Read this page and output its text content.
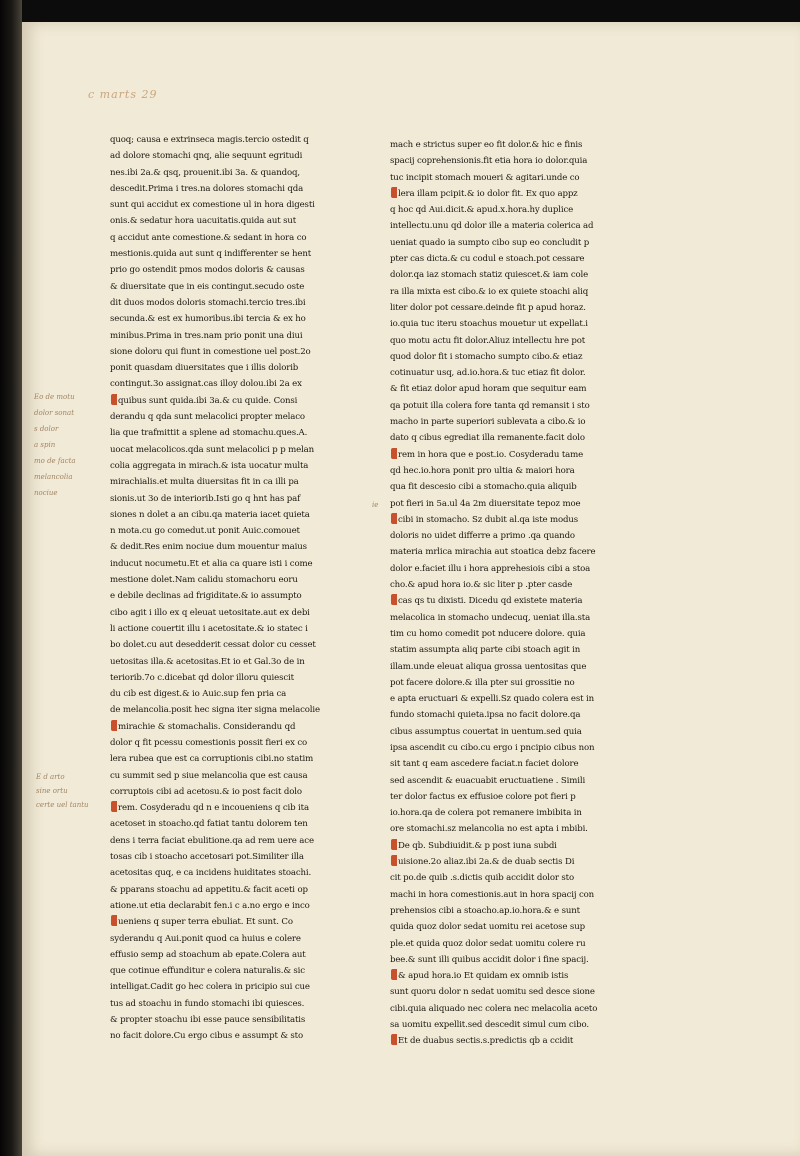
c marts 29
quoq; causa e extrinseca magis.tercio ostedit q
ad dolore stomachi qnq, alie sequunt egritudi
nes.ibi 2a.& qsq, prouenit.ibi 3a. & quandoq,
descedit.Prima i tres.na dolores stomachi qda
sunt qui accidut ex comestione ul in hora digesti
onis.& sedatur hora uacuitatis.quida aut sut
q accidut ante comestione.& sedant in hora co
mestionis.quida aut sunt q indifferenter se hent
prio go ostendit pmos modos doloris & causas
& diuersitate que in eis contingut.secudo oste
dit duos modos doloris stomachi.tercio tres.ibi
secunda.& est ex humoribus.ibi tercia & ex ho
minibus.Prima in tres.nam prio ponit una diui
sione doloru qui fiunt in comestione uel post.2o
ponit quasdam diuersitates que i illis dolorib
contingut.3o assignat.cas illoy dolou.ibi 2a ex
quibus sunt quida.ibi 3a.& cu quide. Consi
derandu q qda sunt melacolici propter melaco
lia que trafmittit a splene ad stomachu.ques.A.
uocat melacolicos.qda sunt melacolici p p melan
colia aggregata in mirach.& ista uocatur multa
mirachialis.et multa diuersitas fit in ca illi pa
sionis.ut 3o de interiorib.Isti go q hnt has paf
siones n dolet a an cibu.qa materia iacet quieta
n mota.cu go comedut.ut ponit Auic.comouet
& dedit.Res enim nociue dum mouentur maius
inducut nocumetu.Et et alia ca quare isti i come
mestione dolet.Nam calidu stomachoru eoru
e debile declinas ad frigiditate.& io assumpto
cibo agit i illo ex q eleuat uetositate.aut ex debi
li actione couertit illu i acetositate.& io statec i
bo dolet.cu aut desedderit cessat dolor cu cesset
uetositas illa.& acetositas.Et io et Gal.3o de in
teriorib.7o c.dicebat qd dolor illoru quiescit
du cib est digest.& io Auic.sup fen pria ca
de melancolia.posit hec signa iter signa melacolie
mirachie & stomachalis. Considerandu qd
dolor q fit pcessu comestionis possit fieri ex co
lera rubea que est ca corruptionis cibi.no statim
cu summit sed p siue melancolia que est causa
corruptois cibi ad acetosu.& io post facit dolo
rem. Cosyderadu qd n e incoueniens q cib ita
acetoset in stoacho.qd fatiat tantu dolorem ten
dens i terra faciat ebulitione.qa ad rem uere ace
tosas cib i stoacho accetosari pot.Similiter illa
acetositas quq, e ca incidens huiditates stoachi.
& pparans stoachu ad appetitu.& facit aceti op
atione.ut etia declarabit fen.i c a.no ergo e inco
ueniens q super terra ebuliat. Et sunt. Co
syderandu q Aui.ponit quod ca huius e colere
effusio semp ad stoachum ab epate.Colera aut
que cotinue effunditur e colera naturalis.& sic
intelligat.Cadit go hec colera in pricipio sui cue
tus ad stoachu in fundo stomachi ibi quiesces.
& propter stoachu ibi esse pauce sensibilitatis
no facit dolore.Cu ergo cibus e assumpt & sto
mach e strictus super eo fit dolor.& hic e finis
spacij coprehensionis.fit etia hora io dolor.quia
tuc incipit stomach moueri & agitari.unde co
lera illam pcipit.& io dolor fit. Ex quo appz
q hoc qd Aui.dicit.& apud.x.hora.hy duplice
intellectu.unu qd dolor ille a materia colerica ad
ueniat quado ia sumpto cibo sup eo concludit p
pter cas dicta.& cu codul e stoach.pot cessare
dolor.qa iaz stomach statiz quiescet.& iam cole
ra illa mixta est cibo.& io ex quiete stoachi aliq
liter dolor pot cessare.deinde fit p apud horaz.
io.quia tuc iteru stoachus mouetur ut expellat.i
quo motu actu fit dolor.Aliuz intellectu hre pot
quod dolor fit i stomacho sumpto cibo.& etiaz
cotinuatur usq, ad.io.hora.& tuc etiaz fit dolor.
& fit etiaz dolor apud horam que sequitur eam
qa potuit illa colera fore tanta qd remansit i sto
macho in parte superiori sublevata a cibo.& io
dato q cibus egrediat illa remanente.facit dolo
rem in hora que e post.io. Cosyderadu tame
qd hec.io.hora ponit pro ultia & maiori hora
qua fit descesio cibi a stomacho.quia aliquib
pot fieri in 5a.ul 4a 2m diuersitate tepoz moe
cibi in stomacho. Sz dubit al.qa iste modus
doloris no uidet differre a primo .qa quando
materia mrlica mirachia aut stoatica debz facere
dolor e.faciet illu i hora apprehesiois cibi a stoa
cho.& apud hora io.& sic liter p .pter casde
cas qs tu dixisti. Dicedu qd existete materia
melacolica in stomacho undecuq, ueniat illa.sta
tim cu homo comedit pot nducere dolore. quia
statim assumpta aliq parte cibi stoach agit in
illam.unde eleuat aliqua grossa uentositas que
pot facere dolore.& illa pter sui grossitie no
e apta eructuari & expelli.Sz quado colera est in
fundo stomachi quieta.ipsa no facit dolore.qa
cibus assumptus couertat in uentum.sed quia
ipsa ascendit cu cibo.cu ergo i pncipio cibus non
sit tant q eam ascedere faciat.n faciet dolore
sed ascendit & euacuabit eructuatiene . Simili
ter dolor factus ex effusioe colore pot fieri p
io.hora.qa de colera pot remanere imbibita in
ore stomachi.sz melancolia no est apta i mbibi.
De qb. Subdiuidit.& p post iuna subdi
uisione.2o aliaz.ibi 2a.& de duab sectis Di
cit po.de quib .s.dictis quib accidit dolor sto
machi in hora comestionis.aut in hora spacij con
prehensios cibi a stoacho.ap.io.hora.& e sunt
quida quoz dolor sedat uomitu rei acetose sup
ple.et quida quoz dolor sedat uomitu colere ru
bee.& sunt illi quibus accidit dolor i fine spacij.
& apud hora.io Et quidam ex omnib istis
sunt quoru dolor n sedat uomitu sed desce sione
cibi.quia aliquado nec colera nec melacolia aceto
sa uomitu expellit.sed descedit simul cum cibo.
Et de duabus sectis.s.predictis qb a ccidit
Eo de motu
dolor sonat
s dolor
a spin
mo de facta
melancolia
nociue
E d arto
sine ortu
certe uel tantu
ie
